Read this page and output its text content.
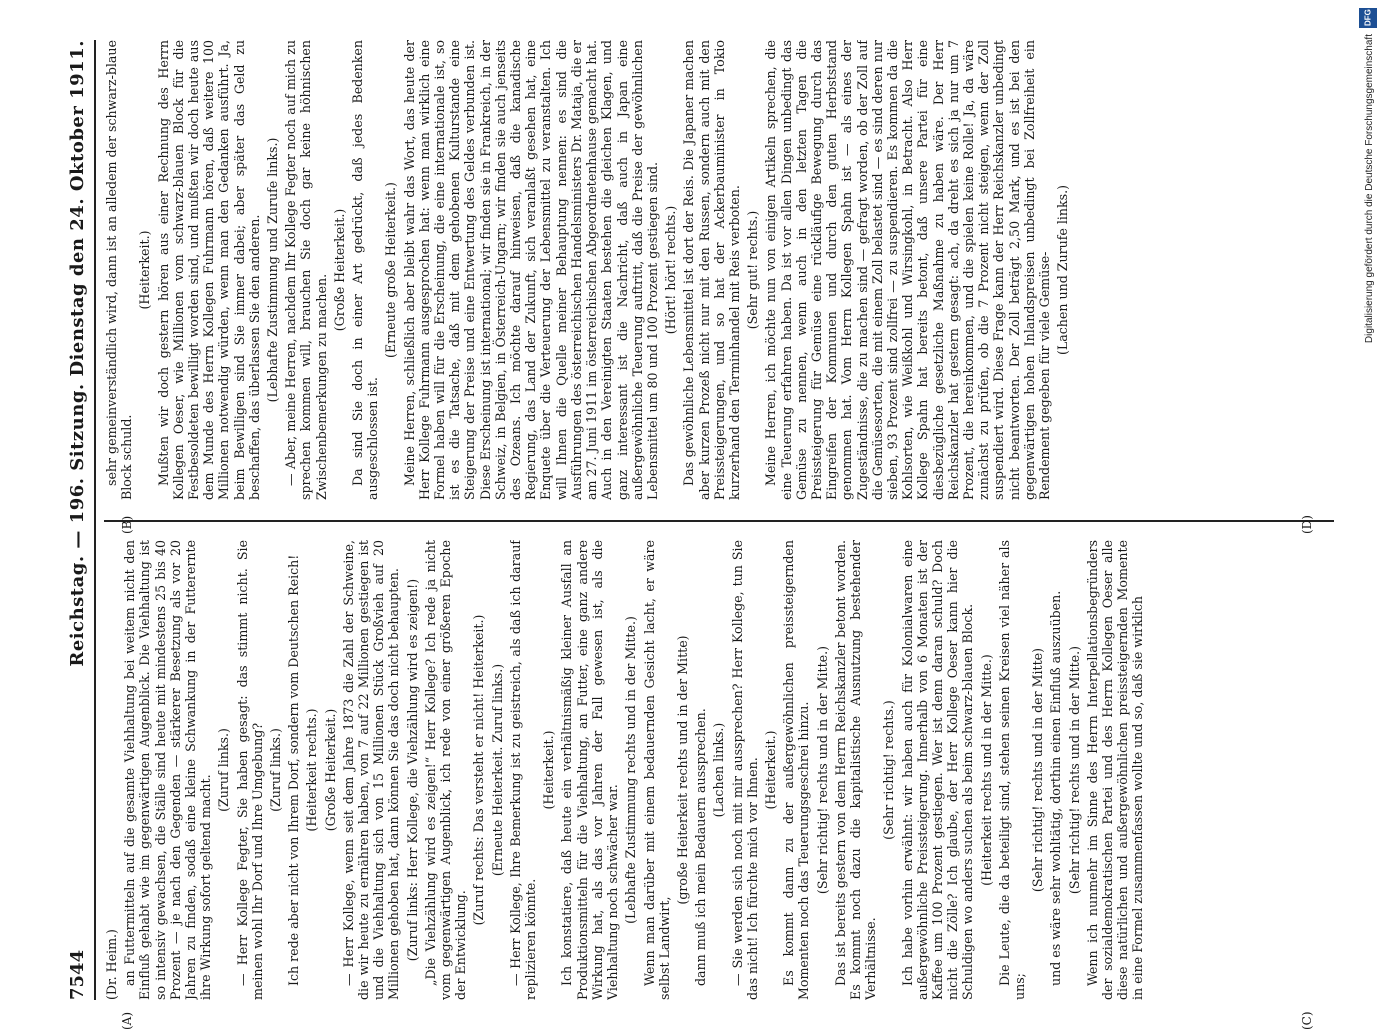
7544
Reichstag. — 196. Sitzung. Dienstag den 24. Oktober 1911.

(Dr. Heim.) an Futtermitteln auf die gesamte Viehhaltung bei weitem nicht den Einfluß gehabt wie im gegenwärtigen Augenblick. Die Viehhaltung ist so intensiv gewachsen, die Ställe sind heute mit mindestens 25 bis 40 Prozent — je nach den Gegenden — stärkerer Besetzung als vor 20 Jahren zu finden, sodaß eine kleine Schwankung in der Futterernte ihre Wirkung sofort geltend macht.

(Zuruf links.) — Herr Kollege Fegter, Sie haben gesagt: das stimmt nicht. Sie meinen wohl Ihr Dorf und Ihre Umgebung? (Zuruf links.) Ich rede aber nicht von Ihrem Dorf, sondern vom Deutschen Reich! (Heiterkeit rechts.) (Große Heiterkeit.) — Herr Kollege, wenn seit dem Jahre 1873 die Zahl der Schweine, die wir heute zu ernähren haben, von 7 auf 22 Millionen gestiegen ist und die Viehhaltung sich von 15 Millionen Stück Großvieh auf 20 Millionen gehoben hat, dann können Sie das doch nicht behaupten. (Zuruf links: Herr Kollege, die Viehzählung wird es zeigen!) „Die Viehzählung wird es zeigen!“ Herr Kollege? Ich rede ja nicht vom gegenwärtigen Augenblick, ich rede von einer größeren Epoche der Entwicklung.

(Zuruf rechts: Das versteht er nicht! Heiterkeit.) (Erneute Heiterkeit. Zuruf links.) — Herr Kollege, Ihre Bemerkung ist zu geistreich, als daß ich darauf replizieren könnte.

(Heiterkeit.) Ich konstatiere, daß heute ein verhältnismäßig kleiner Ausfall an Produktionsmitteln für die Viehhaltung, an Futter, eine ganz andere Wirkung hat, als das vor Jahren der Fall gewesen ist, als die Viehhaltung noch schwächer war. (Lebhafte Zustimmung rechts und in der Mitte.) Wenn man darüber mit einem bedauernden Gesicht lacht, er wäre selbst Landwirt,

(große Heiterkeit rechts und in der Mitte) dann muß ich mein Bedauern aussprechen. (Lachen links.) — Sie werden sich noch mit mir aussprechen? Herr Kollege, tun Sie das nicht! Ich fürchte mich vor Ihnen. (Heiterkeit.) Es kommt dann zu der außergewöhnlichen preissteigernden Momenten noch das Teuerungsgeschrei hinzu. (Sehr richtig! rechts und in der Mitte.) Das ist bereits gestern von dem Herrn Reichskanzler betont worden. Es kommt noch dazu die kapitalistische Ausnutzung bestehender Verhältnisse.

(Sehr richtig! rechts.) Ich habe vorhin erwähnt: wir haben auch für Kolonialwaren eine außergewöhnliche Preissteigerung. Innerhalb von 6 Monaten ist der Kaffee um 100 Prozent gestiegen. Wer ist denn daran schuld? Doch nicht die Zölle? Ich glaube, der Herr Kollege Oeser kann hier die Schuldigen wo anders suchen als beim schwarz-blauen Block. (Heiterkeit rechts und in der Mitte.) Die Leute, die da beteiligt sind, stehen seinen Kreisen viel näher als uns;

(Sehr richtig! rechts und in der Mitte) und es wäre sehr wohltätig, dorthin einen Einfluß auszuüben. (Sehr richtig! rechts und in der Mitte.) Wenn ich nunmehr im Sinne des Herrn Interpellationsbegründers der sozialdemokratischen Partei und des Herrn Kollegen Oeser alle diese natürlichen und außergewöhnlichen preissteigernden Momente in eine Formel zusammenfassen wollte und so, daß sie wirklich

sehr gemeinverständlich wird, dann ist an alledem der schwarz-blaue Block schuld.

(Heiterkeit.) Mußten wir doch gestern hören aus einer Rechnung des Herrn Kollegen Oeser, wie Millionen vom schwarz-blauen Block für die Festbesoldeten bewilligt worden sind, und mußten wir doch heute aus dem Munde des Herrn Kollegen Fuhrmann hören, daß weitere 100 Millionen notwendig würden, wenn man den Gedanken ausführt. Ja, beim Bewilligen sind Sie immer dabei; aber später das Geld zu beschaffen, das überlassen Sie den anderen. (Lebhafte Zustimmung und Zurufe links.) — Aber, meine Herren, nachdem Ihr Kollege Fegter noch auf mich zu sprechen kommen will, brauchen Sie doch gar keine höhnischen Zwischenbemerkungen zu machen.

(Große Heiterkeit.) Da sind Sie doch in einer Art gedrückt, daß jedes Bedenken ausgeschlossen ist.

(Erneute große Heiterkeit.) Meine Herren, schließlich aber bleibt wahr das Wort, das heute der Herr Kollege Fuhrmann ausgesprochen hat: wenn man wirklich eine Formel haben will für die Erscheinung, die eine internationale ist, so ist es die Tatsache, daß mit dem gehobenen Kulturstande eine Steigerung der Preise und eine Entwertung des Geldes verbunden ist. Diese Erscheinung ist international; wir finden sie in Frankreich, in der Schweiz, in Belgien, in Österreich-Ungarn; wir finden sie auch jenseits des Ozeans. Ich möchte darauf hinweisen, daß die kanadische Regierung, das Land der Zukunft, sich veranlaßt gesehen hat, eine Enquete über die Verteuerung der Lebensmittel zu veranstalten. Ich will Ihnen die Quelle meiner Behauptung nennen: es sind die Ausführungen des österreichischen Handelsministers Dr. Mataja, die er am 27. Juni 1911 im österreichischen Abgeordnetenhause gemacht hat. Auch in den Vereinigten Staaten bestehen die gleichen Klagen, und ganz interessant ist die Nachricht, daß auch in Japan eine außergewöhnliche Teuerung auftritt, daß die Preise der gewöhnlichen Lebensmittel um 80 und 100 Prozent gestiegen sind. (Hört! hört! rechts.) Das gewöhnliche Lebensmittel ist dort der Reis. Die Japaner machen aber kurzen Prozeß nicht nur mit den Russen, sondern auch mit den Preissteigerungen, und so hat der Ackerbauminister in Tokio kurzerhand den Terminhandel mit Reis verboten. (Sehr gut! rechts.) Meine Herren, ich möchte nun von einigen Artikeln sprechen, die eine Teuerung erfahren haben. Da ist vor allen Dingen unbedingt das Gemüse zu nennen, wenn auch in den letzten Tagen die Preissteigerung für Gemüse eine rückläufige Bewegung durch das Eingreifen der Kommunen und durch den guten Herbststand genommen hat. Vom Herrn Kollegen Spahn ist — als eines der Zugeständnisse, die zu machen sind — gefragt worden, ob der Zoll auf die Gemüsesorten, die mit einem Zoll belastet sind — es sind deren nur sieben, 93 Prozent sind zollfrei — zu suspendieren. Es kommen da die Kohlsorten, wie Weißkohl und Wirsingkohl, in Betracht. Also Herr Kollege Spahn hat bereits betont, daß unsere Partei für eine diesbezügliche gesetzliche Maßnahme zu haben wäre. Der Herr Reichskanzler hat gestern gesagt: ach, da dreht es sich ja nur um 7 Prozent, die hereinkommen, und die spielen keine Rolle! Ja, da wäre zunächst zu prüfen, ob die 7 Prozent nicht steigen, wenn der Zoll suspendiert wird. Diese Frage kann der Herr Reichskanzler unbedingt nicht beantworten. Der Zoll beträgt 2,50 Mark, und es ist bei den gegenwärtigen hohen Inlandspreisen unbedingt bei Zollfreiheit ein Rendement gegeben für viele Gemüse- (Lachen und Zurufe links.)

(A)
(B)
(C)
(D)
DFG
Digitalisierung gefördert durch die Deutsche Forschungsgemeinschaft
